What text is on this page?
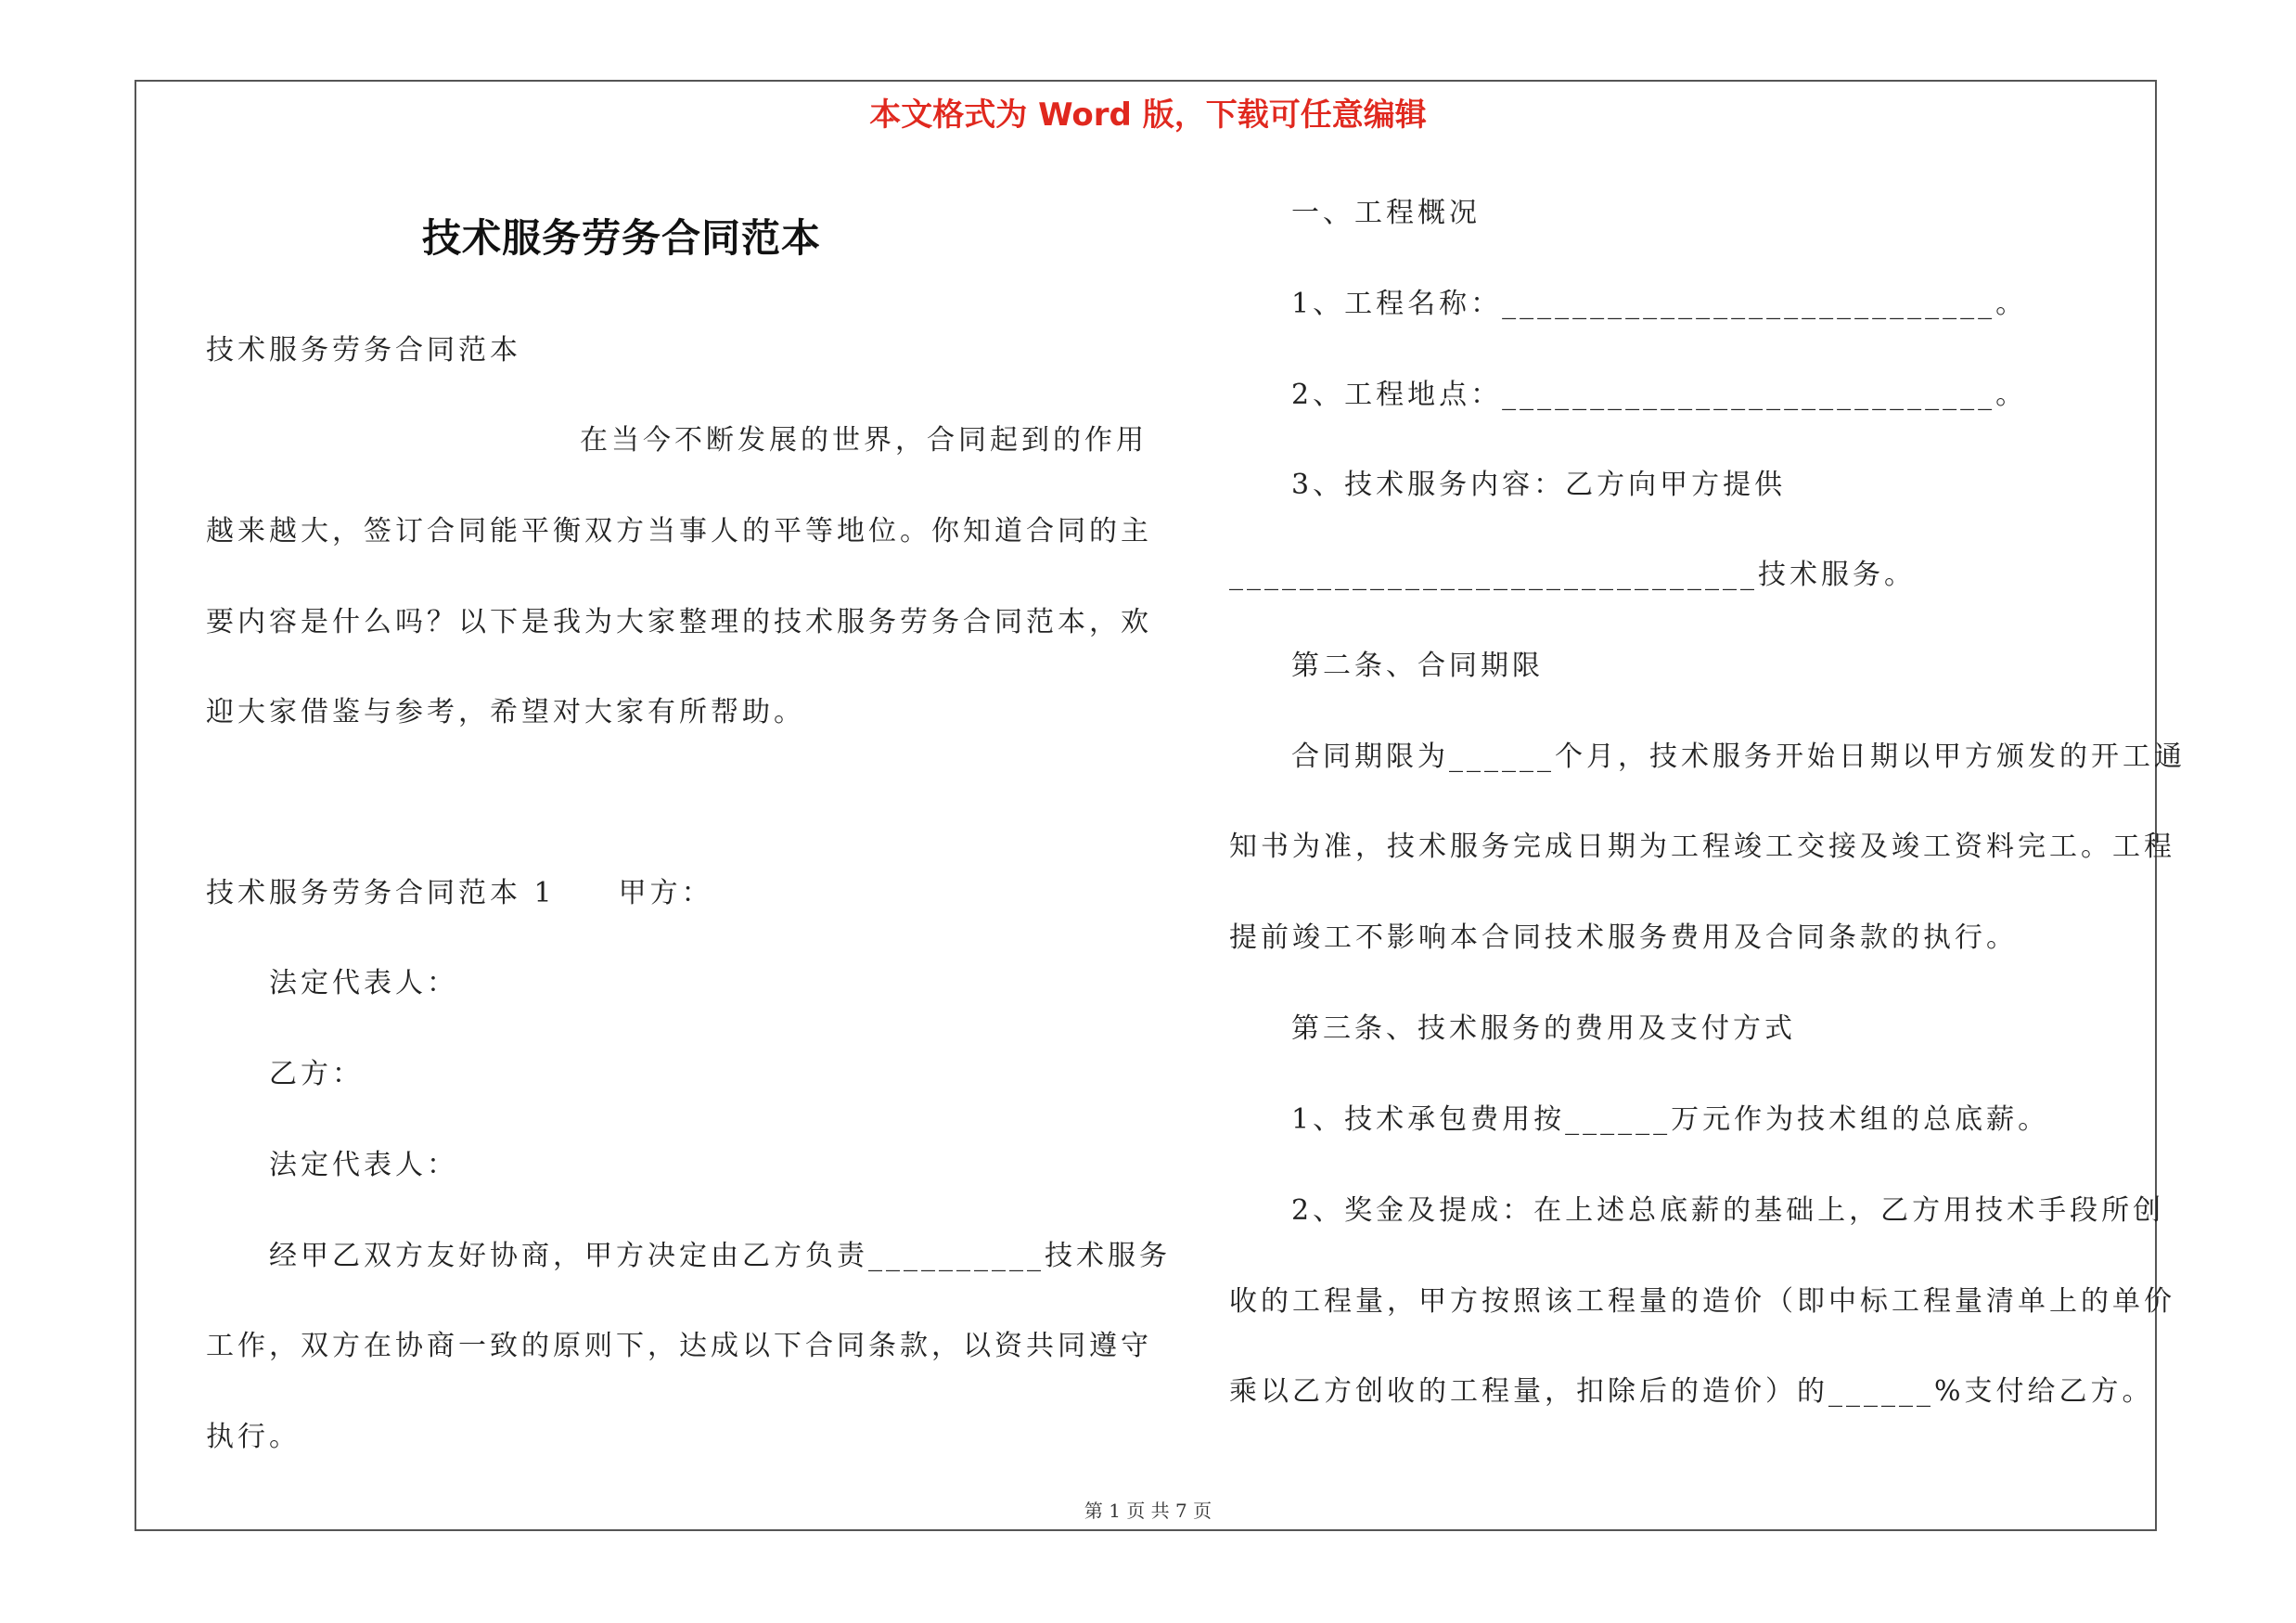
本文格式为 Word 版，下载可任意编辑
技术服务劳务合同范本
技术服务劳务合同范本
在当今不断发展的世界，合同起到的作用
越来越大，签订合同能平衡双方当事人的平等地位。你知道合同的主
要内容是什么吗？以下是我为大家整理的技术服务劳务合同范本，欢
迎大家借鉴与参考，希望对大家有所帮助。
技术服务劳务合同范本 1　　甲方：
法定代表人：
乙方：
法定代表人：
经甲乙双方友好协商，甲方决定由乙方负责__________技术服务
工作，双方在协商一致的原则下，达成以下合同条款，以资共同遵守
执行。
一、工程概况
1、工程名称：____________________________。
2、工程地点：____________________________。
3、技术服务内容：乙方向甲方提供
______________________________技术服务。
第二条、合同期限
合同期限为______个月，技术服务开始日期以甲方颁发的开工通
知书为准，技术服务完成日期为工程竣工交接及竣工资料完工。工程
提前竣工不影响本合同技术服务费用及合同条款的执行。
第三条、技术服务的费用及支付方式
1、技术承包费用按______万元作为技术组的总底薪。
2、奖金及提成：在上述总底薪的基础上，乙方用技术手段所创
收的工程量，甲方按照该工程量的造价（即中标工程量清单上的单价
乘以乙方创收的工程量，扣除后的造价）的______%支付给乙方。
第 1 页 共 7 页
